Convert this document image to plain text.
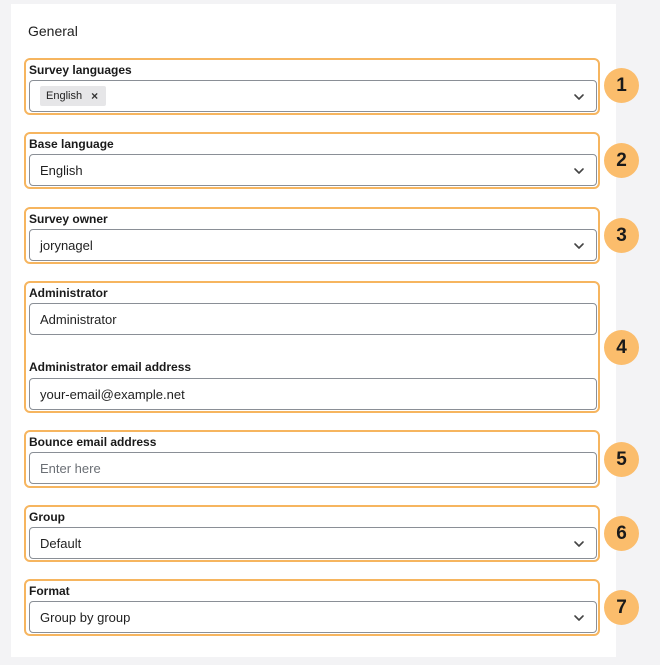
General
Survey languages
English ×
1
Base language
English	2
Survey owner
jorynagel	3
Administrator
Administrator
Administrator email address
your-email@example.net
4
Bounce email address
Enter here	5
Group
Default	6
Format
Group by group	7
